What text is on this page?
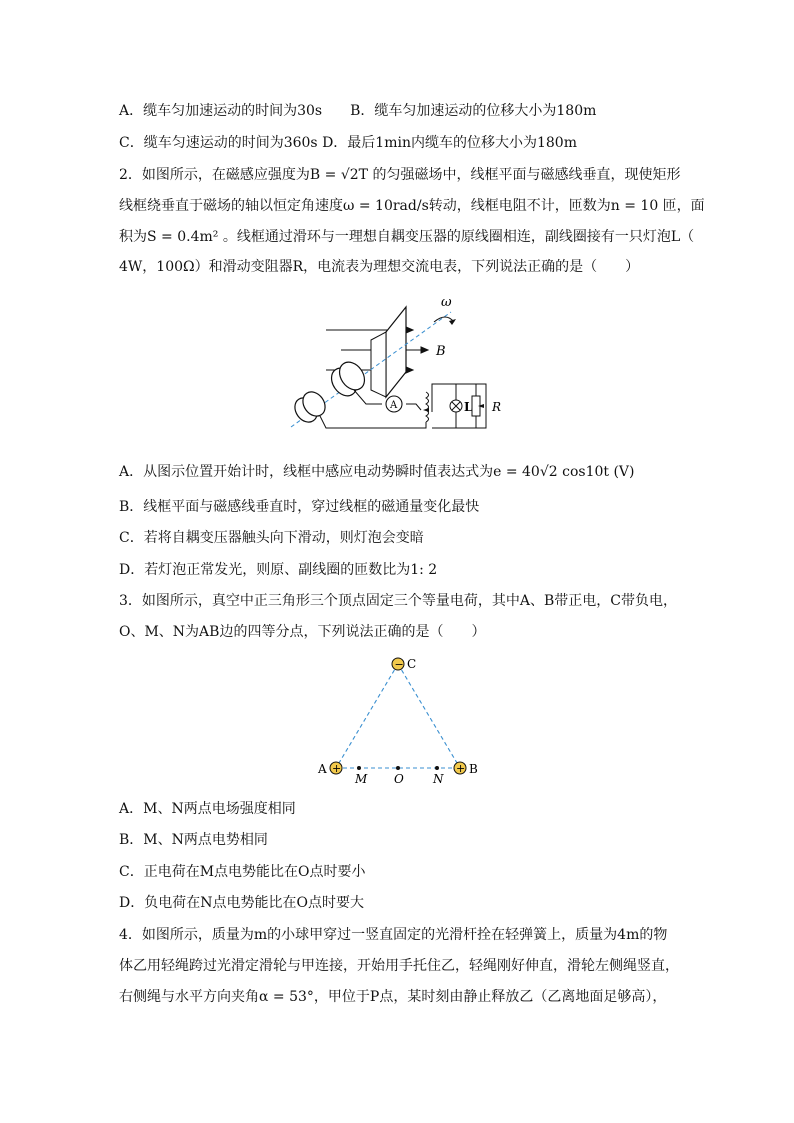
A．缆车匀加速运动的时间为30s　　B．缆车匀加速运动的位移大小为180m
C．缆车匀速运动的时间为360s D．最后1min内缆车的位移大小为180m
2．如图所示，在磁感应强度为B = √2T 的匀强磁场中，线框平面与磁感线垂直，现使矩形
线框绕垂直于磁场的轴以恒定角速度ω = 10rad/s转动，线框电阻不计，匝数为n = 10 匝，面
积为S = 0.4m² 。线框通过滑环与一理想自耦变压器的原线圈相连，副线圈接有一只灯泡L（
4W，100Ω）和滑动变阻器R，电流表为理想交流电表，下列说法正确的是（　　）
ω
B
A	L R
A．从图示位置开始计时，线框中感应电动势瞬时值表达式为e = 40√2 cos10t (V)
B．线框平面与磁感线垂直时，穿过线框的磁通量变化最快
C．若将自耦变压器触头向下滑动，则灯泡会变暗
D．若灯泡正常发光，则原、副线圈的匝数比为1: 2
3．如图所示，真空中正三角形三个顶点固定三个等量电荷，其中A、B带正电，C带负电，
O、M、N为AB边的四等分点，下列说法正确的是（　　）
− C
+
A	+ B
M O N
A．M、N两点电场强度相同
B．M、N两点电势相同
C．正电荷在M点电势能比在O点时要小
D．负电荷在N点电势能比在O点时要大
4．如图所示，质量为m的小球甲穿过一竖直固定的光滑杆拴在轻弹簧上，质量为4m的物
体乙用轻绳跨过光滑定滑轮与甲连接，开始用手托住乙，轻绳刚好伸直，滑轮左侧绳竖直，
右侧绳与水平方向夹角α = 53°，甲位于P点，某时刻由静止释放乙（乙离地面足够高），
